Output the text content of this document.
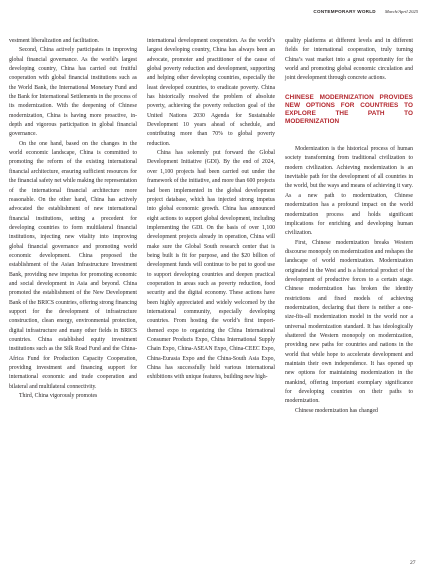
CONTEMPORARY WORLD March/April 2025

vestment liberalization and facilitation.

Second, China actively participates in improving global financial governance. As the world’s largest developing country, China has carried out fruitful cooperation with global financial institutions such as the World Bank, the International Monetary Fund and the Bank for International Settlements in the process of its modernization. With the deepening of Chinese modernization, China is having more proactive, in-depth and vigorous participation in global financial governance.

On the one hand, based on the changes in the world economic landscape, China is committed to promoting the reform of the existing international financial architecture, ensuring sufficient resources for the financial safety net while making the representation of the international financial architecture more reasonable. On the other hand, China has actively advocated the establishment of new international financial institutions, setting a precedent for developing countries to form multilateral financial institutions, injecting new vitality into improving global financial governance and promoting world economic development. China proposed the establishment of the Asian Infrastructure Investment Bank, providing new impetus for promoting economic and social development in Asia and beyond. China promoted the establishment of the New Development Bank of the BRICS countries, offering strong financing support for the development of infrastructure construction, clean energy, environmental protection, digital infrastructure and many other fields in BRICS countries. China established equity investment institutions such as the Silk Road Fund and the China-Africa Fund for Production Capacity Cooperation, providing investment and financing support for international economic and trade cooperation and bilateral and multilateral connectivity.

Third, China vigorously promotes

international development cooperation. As the world’s largest developing country, China has always been an advocate, promoter and practitioner of the cause of global poverty reduction and development, supporting and helping other developing countries, especially the least developed countries, to eradicate poverty. China has historically resolved the problem of absolute poverty, achieving the poverty reduction goal of the United Nations 2030 Agenda for Sustainable Development 10 years ahead of schedule, and contributing more than 70% to global poverty reduction.

China has solemnly put forward the Global Development Initiative (GDI). By the end of 2024, over 1,100 projects had been carried out under the framework of the initiative, and more than 600 projects had been implemented in the global development project database, which has injected strong impetus into global economic growth. China has announced eight actions to support global development, including implementing the GDI. On the basis of over 1,100 development projects already in operation, China will make sure the Global South research center that is being built is fit for purpose, and the $20 billion of development funds will continue to be put to good use to support developing countries and deepen practical cooperation in areas such as poverty reduction, food security and the digital economy. These actions have been highly appreciated and widely welcomed by the international community, especially developing countries. From hosting the world’s first import-themed expo to organizing the China International Consumer Products Expo, China International Supply Chain Expo, China-ASEAN Expo, China-CEEC Expo, China-Eurasia Expo and the China-South Asia Expo, China has successfully held various international exhibitions with unique features, building new high-

quality platforms at different levels and in different fields for international cooperation, truly turning China’s vast market into a great opportunity for the world and promoting global economic circulation and joint development through concrete actions.

CHINESE MODERNIZATION PROVIDES NEW OPTIONS FOR COUNTRIES TO EXPLORE THE PATH TO MODERNIZATION

Modernization is the historical process of human society transforming from traditional civilization to modern civilization. Achieving modernization is an inevitable path for the development of all countries in the world, but the ways and means of achieving it vary. As a new path to modernization, Chinese modernization has a profound impact on the world modernization process and holds significant implications for enriching and developing human civilization.

First, Chinese modernization breaks Western discourse monopoly on modernization and reshapes the landscape of world modernization. Modernization originated in the West and is a historical product of the development of productive forces to a certain stage. Chinese modernization has broken the identity restrictions and fixed models of achieving modernization, declaring that there is neither a one-size-fits-all modernization model in the world nor a universal modernization standard. It has ideologically shattered the Western monopoly on modernization, providing new paths for countries and nations in the world that while hope to accelerate development and maintain their own independence. It has opened up new options for maintaining modernization in the mankind, offering important exemplary significance for developing countries on their paths to modernization.

Chinese modernization has changed

27
